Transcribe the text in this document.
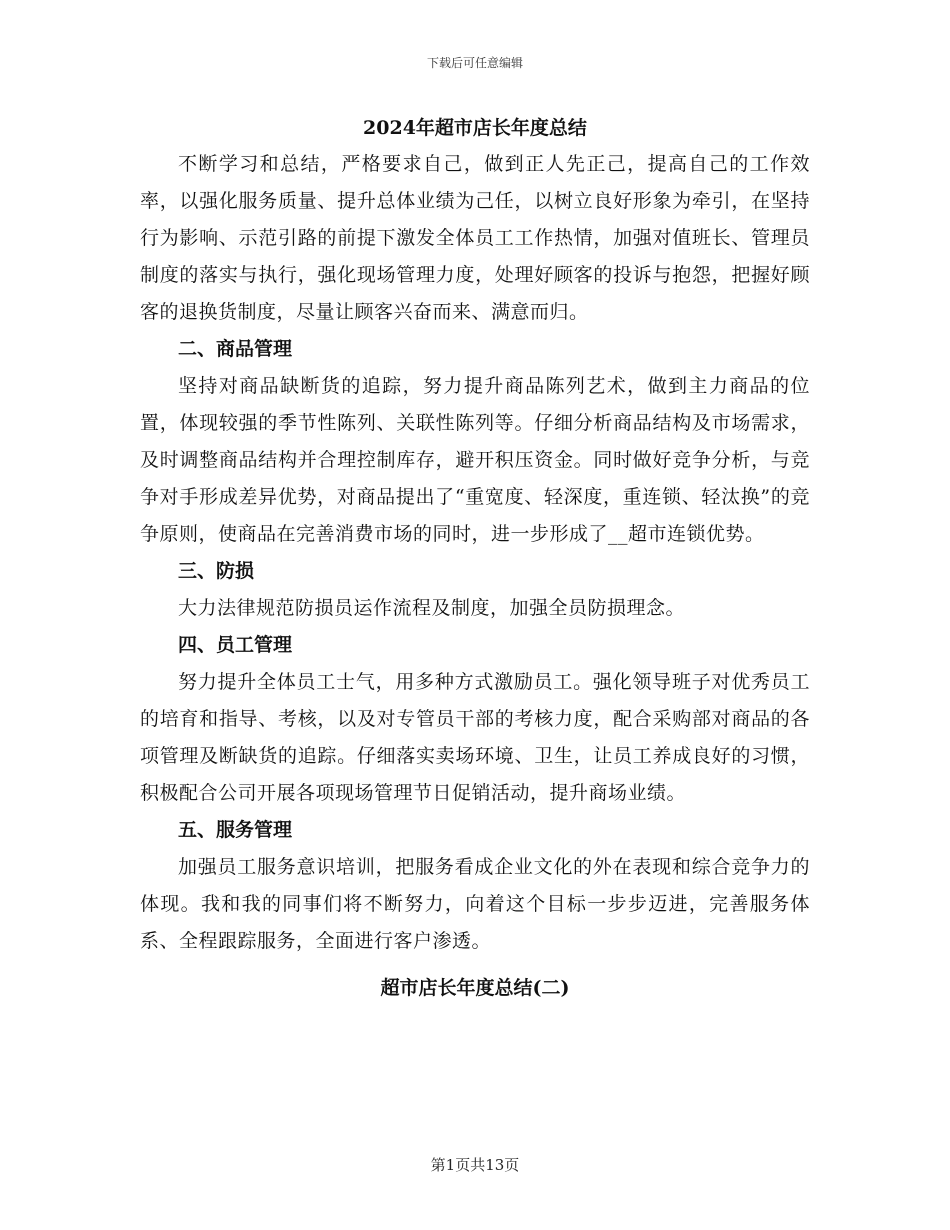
下载后可任意编辑
2024年超市店长年度总结

不断学习和总结，严格要求自己，做到正人先正己，提高自己的工作效率，以强化服务质量、提升总体业绩为己任，以树立良好形象为牵引，在坚持行为影响、示范引路的前提下激发全体员工工作热情，加强对值班长、管理员制度的落实与执行，强化现场管理力度，处理好顾客的投诉与抱怨，把握好顾客的退换货制度，尽量让顾客兴奋而来、满意而归。

二、商品管理

坚持对商品缺断货的追踪，努力提升商品陈列艺术，做到主力商品的位置，体现较强的季节性陈列、关联性陈列等。仔细分析商品结构及市场需求，及时调整商品结构并合理控制库存，避开积压资金。同时做好竞争分析，与竞争对手形成差异优势，对商品提出了“重宽度、轻深度，重连锁、轻汰换”的竞争原则，使商品在完善消费市场的同时，进一步形成了__超市连锁优势。

三、防损

大力法律规范防损员运作流程及制度，加强全员防损理念。

四、员工管理

努力提升全体员工士气，用多种方式激励员工。强化领导班子对优秀员工的培育和指导、考核，以及对专管员干部的考核力度，配合采购部对商品的各项管理及断缺货的追踪。仔细落实卖场环境、卫生，让员工养成良好的习惯，积极配合公司开展各项现场管理节日促销活动，提升商场业绩。

五、服务管理

加强员工服务意识培训，把服务看成企业文化的外在表现和综合竞争力的体现。我和我的同事们将不断努力，向着这个目标一步步迈进，完善服务体系、全程跟踪服务，全面进行客户渗透。

超市店长年度总结(二)
第1页共13页
